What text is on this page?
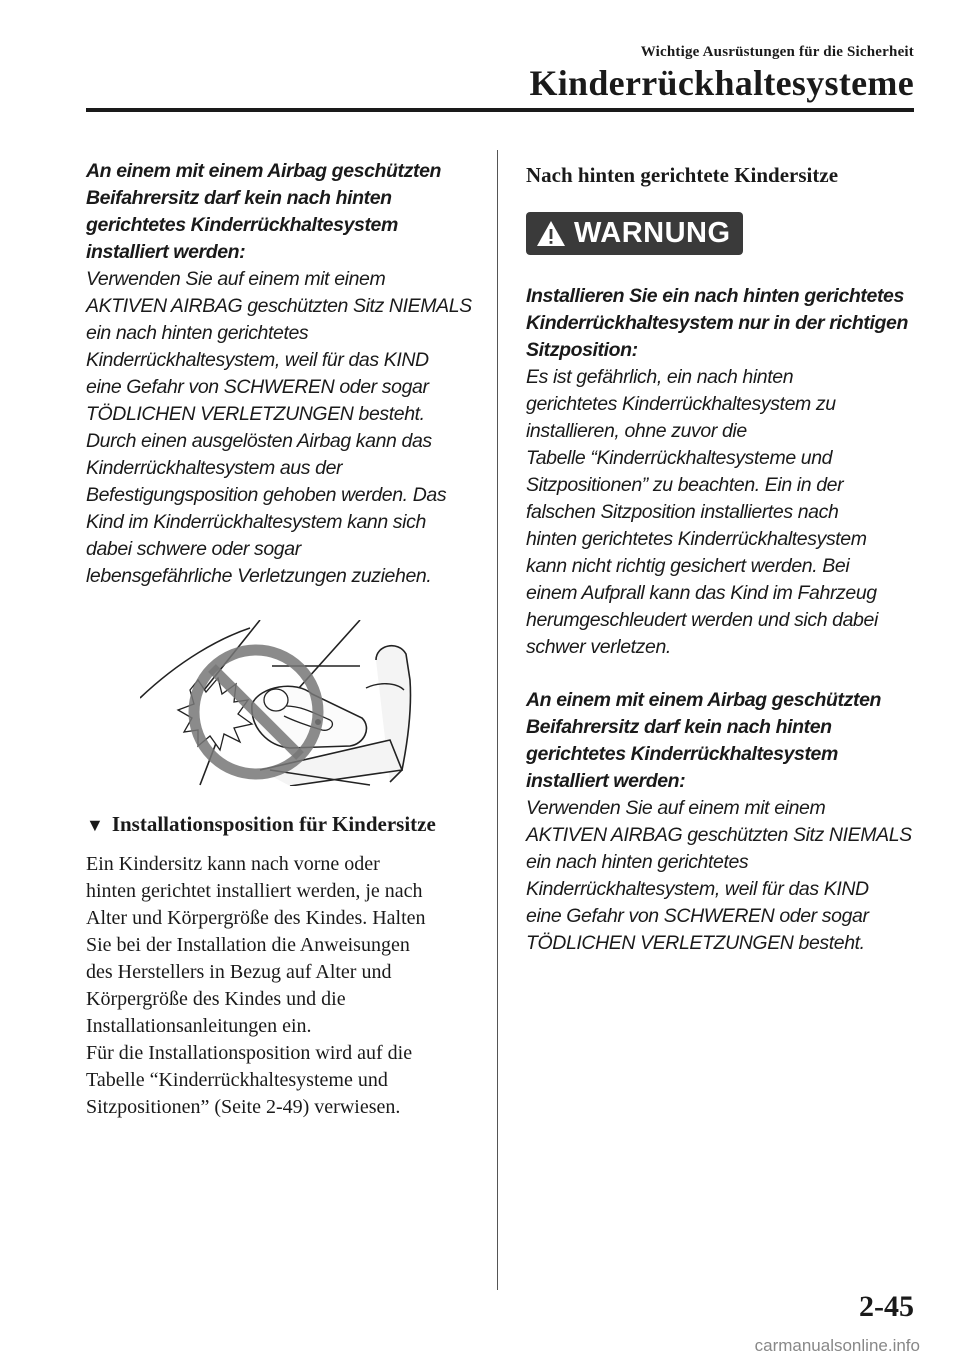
Wichtige Ausrüstungen für die Sicherheit
Kinderrückhaltesysteme
An einem mit einem Airbag geschützten
Beifahrersitz darf kein nach hinten
gerichtetes Kinderrückhaltesystem
installiert werden:
Verwenden Sie auf einem mit einem
AKTIVEN AIRBAG geschützten Sitz NIEMALS
ein nach hinten gerichtetes
Kinderrückhaltesystem, weil für das KIND
eine Gefahr von SCHWEREN oder sogar
TÖDLICHEN VERLETZUNGEN besteht.
Durch einen ausgelösten Airbag kann das
Kinderrückhaltesystem aus der
Befestigungsposition gehoben werden. Das
Kind im Kinderrückhaltesystem kann sich
dabei schwere oder sogar
lebensgefährliche Verletzungen zuziehen.
▼ Installationsposition für Kindersitze
Ein Kindersitz kann nach vorne oder
hinten gerichtet installiert werden, je nach
Alter und Körpergröße des Kindes. Halten
Sie bei der Installation die Anweisungen
des Herstellers in Bezug auf Alter und
Körpergröße des Kindes und die
Installationsanleitungen ein.
Für die Installationsposition wird auf die
Tabelle “Kinderrückhaltesysteme und
Sitzpositionen” (Seite 2-49) verwiesen.
Nach hinten gerichtete Kindersitze
WARNUNG
Installieren Sie ein nach hinten gerichtetes
Kinderrückhaltesystem nur in der richtigen
Sitzposition:
Es ist gefährlich, ein nach hinten
gerichtetes Kinderrückhaltesystem zu
installieren, ohne zuvor die
Tabelle “Kinderrückhaltesysteme und
Sitzpositionen” zu beachten. Ein in der
falschen Sitzposition installiertes nach
hinten gerichtetes Kinderrückhaltesystem
kann nicht richtig gesichert werden. Bei
einem Aufprall kann das Kind im Fahrzeug
herumgeschleudert werden und sich dabei
schwer verletzen.
An einem mit einem Airbag geschützten
Beifahrersitz darf kein nach hinten
gerichtetes Kinderrückhaltesystem
installiert werden:
Verwenden Sie auf einem mit einem
AKTIVEN AIRBAG geschützten Sitz NIEMALS
ein nach hinten gerichtetes
Kinderrückhaltesystem, weil für das KIND
eine Gefahr von SCHWEREN oder sogar
TÖDLICHEN VERLETZUNGEN besteht.
2-45
carmanualsonline.info
